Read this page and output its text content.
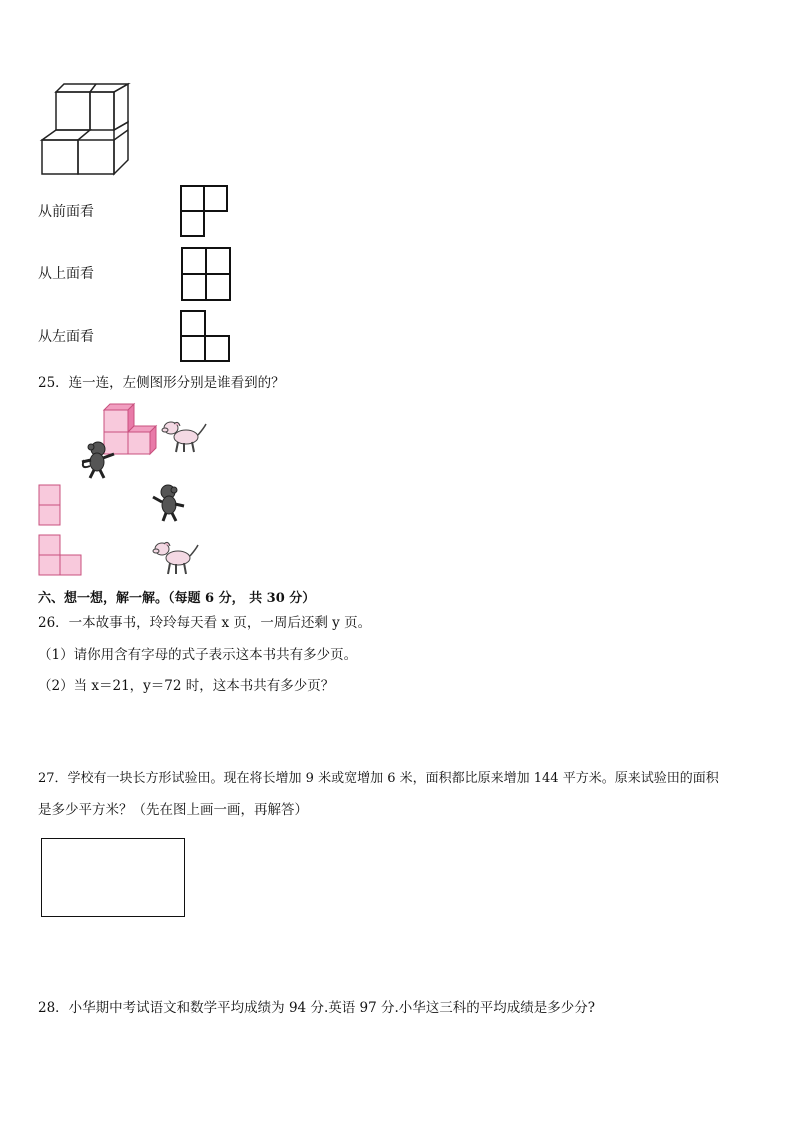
从前面看
从上面看
从左面看
25．连一连，左侧图形分别是谁看到的？
六、想一想，解一解。（每题 6 分， 共 30 分）
26．一本故事书，玲玲每天看 x 页，一周后还剩 y 页。
（1）请你用含有字母的式子表示这本书共有多少页。
（2）当 x＝21，y＝72 时，这本书共有多少页？
27．学校有一块长方形试验田。现在将长增加 9 米或宽增加 6 米，面积都比原来增加 144 平方米。原来试验田的面积
是多少平方米？（先在图上画一画，再解答）
28．小华期中考试语文和数学平均成绩为 94 分.英语 97 分.小华这三科的平均成绩是多少分?
